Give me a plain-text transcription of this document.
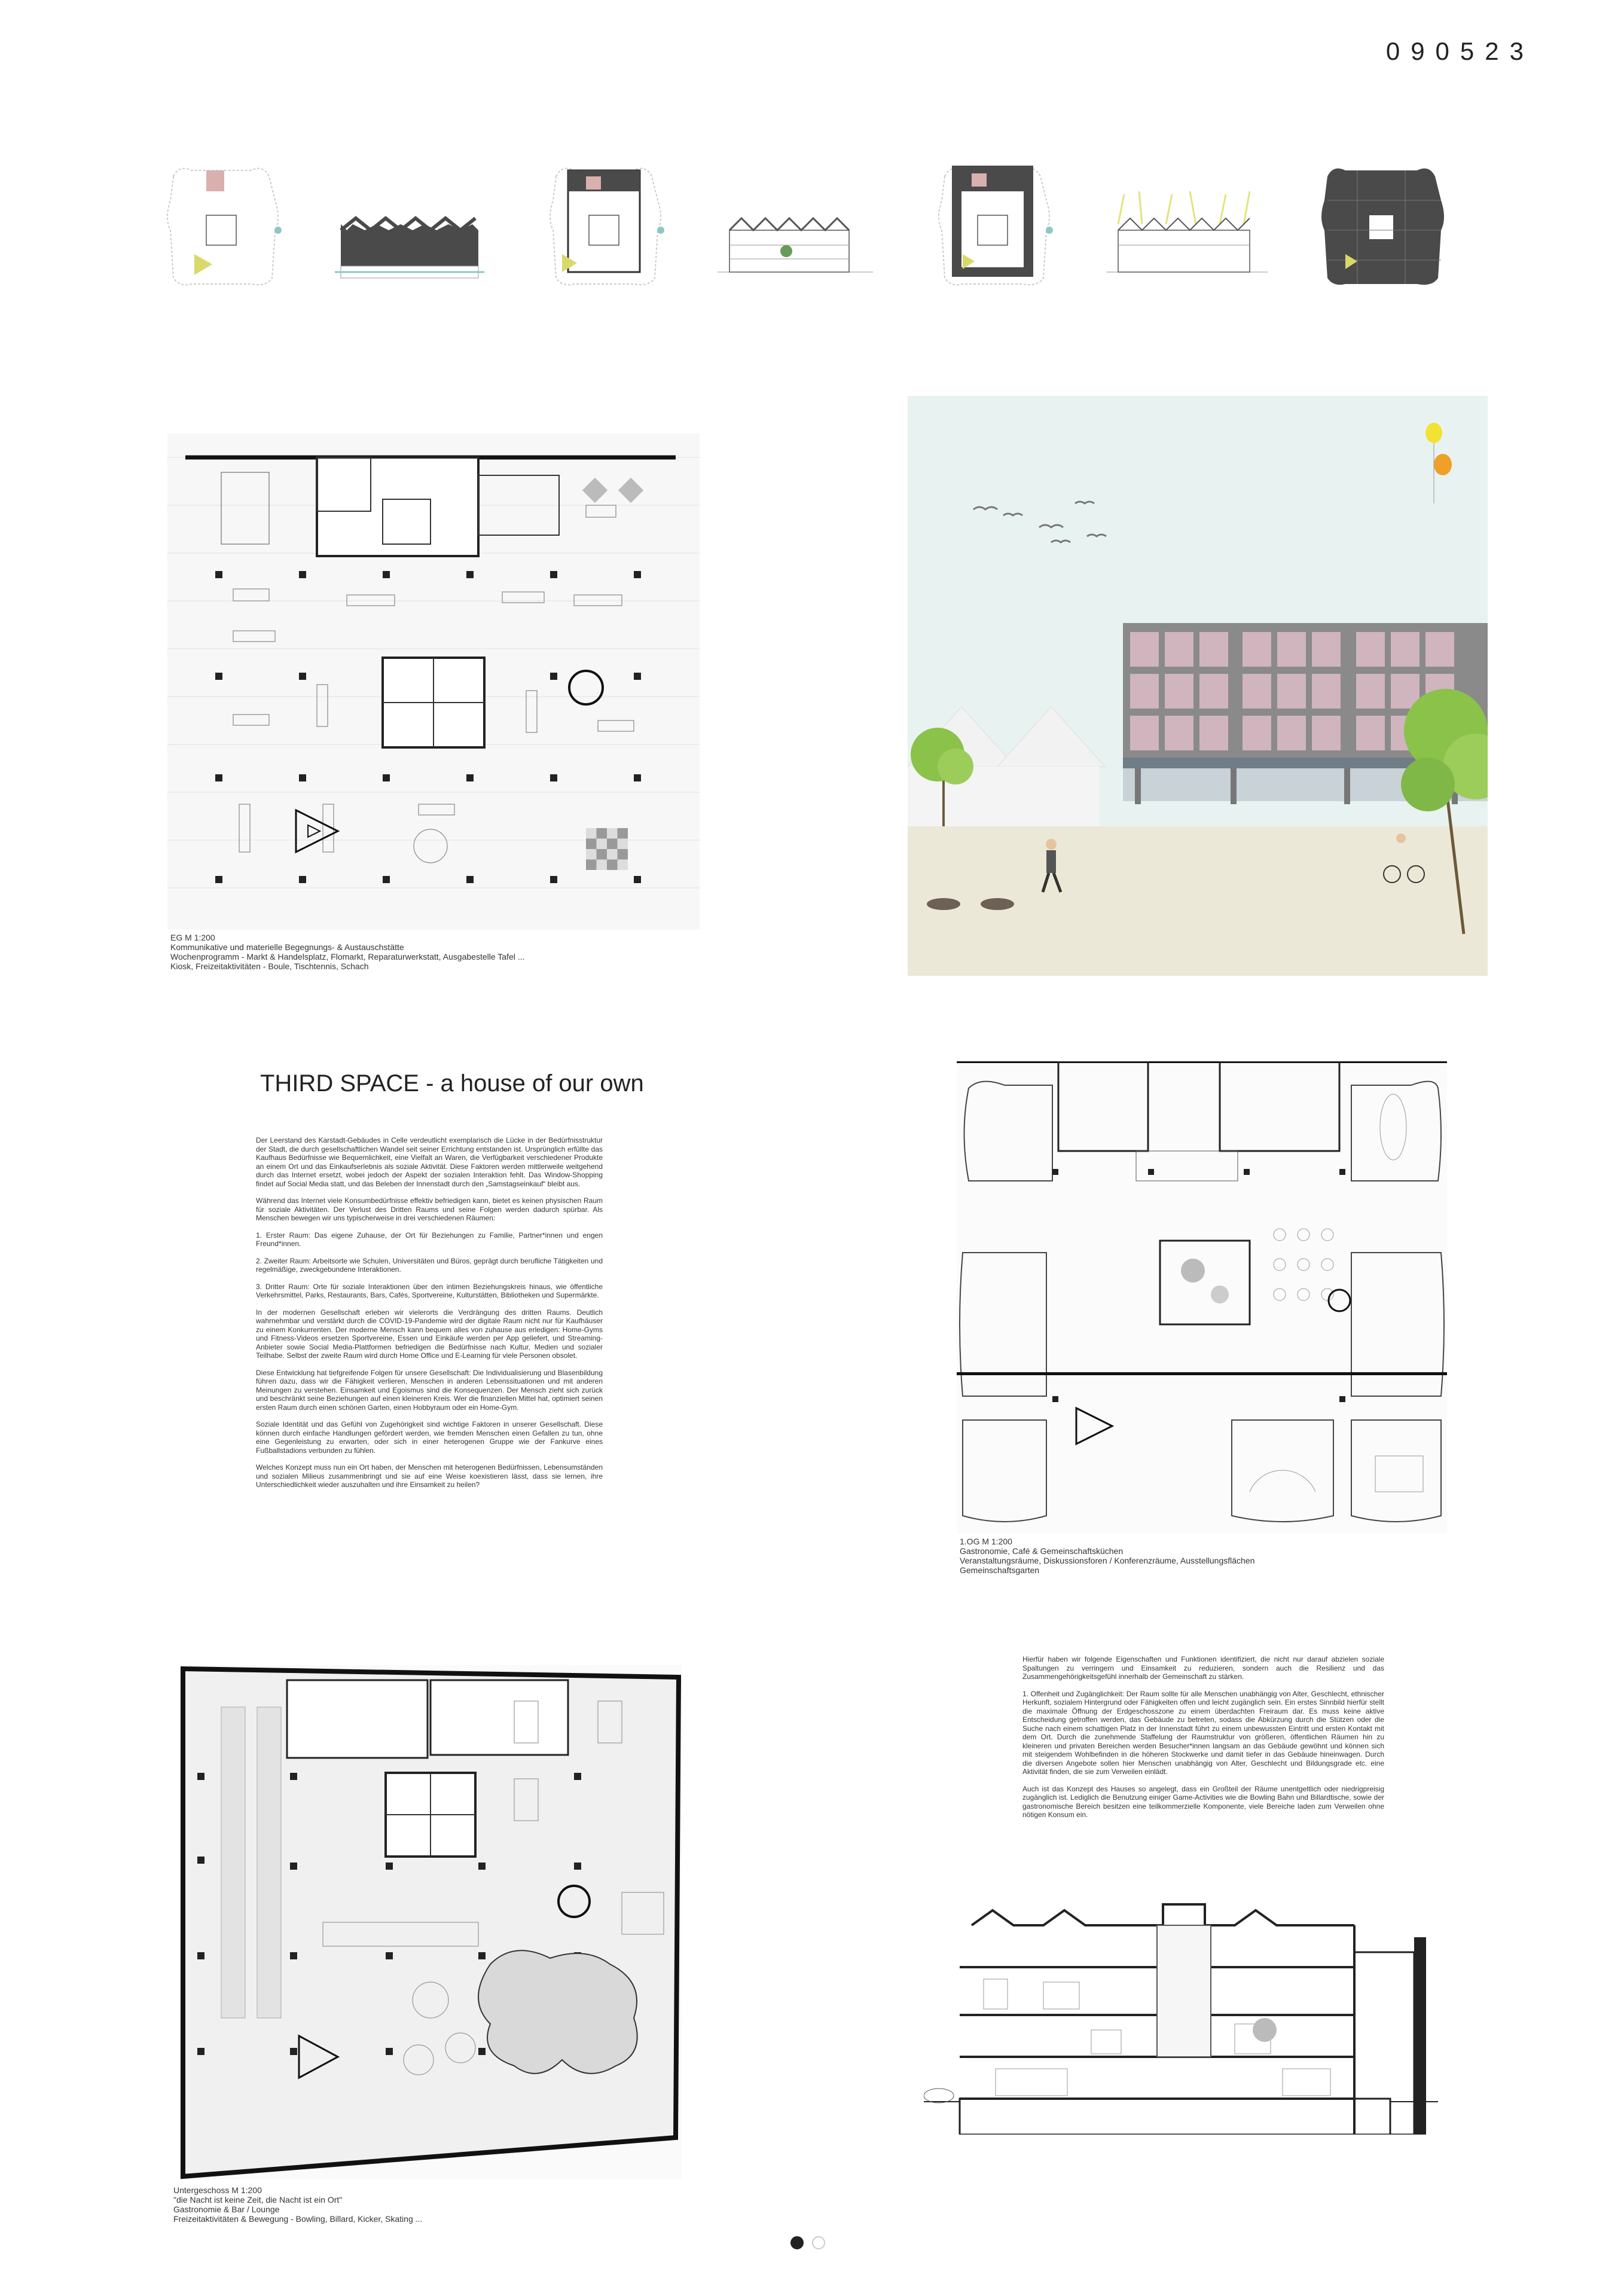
090523
EG M 1:200
Kommunikative und materielle Begegnungs- & Austauschstätte
Wochenprogramm - Markt & Handelsplatz, Flomarkt, Reparaturwerkstatt, Ausgabestelle Tafel ...
Kiosk, Freizeitaktivitäten - Boule, Tischtennis, Schach
THIRD SPACE - a house of our own

Der Leerstand des Karstadt-Gebäudes in Celle verdeutlicht exemplarisch die Lücke in der Bedürfnisstruktur der Stadt, die durch gesellschaftlichen Wandel seit seiner Errichtung entstanden ist. Ursprünglich erfüllte das Kaufhaus Bedürfnisse wie Bequemlichkeit, eine Vielfalt an Waren, die Verfügbarkeit verschiedener Produkte an einem Ort und das Einkaufserlebnis als soziale Aktivität. Diese Faktoren werden mittlerweile weitgehend durch das Internet ersetzt, wobei jedoch der Aspekt der sozialen Interaktion fehlt. Das Window-Shopping findet auf Social Media statt, und das Beleben der Innenstadt durch den „Samstagseinkauf“ bleibt aus.

Während das Internet viele Konsumbedürfnisse effektiv befriedigen kann, bietet es keinen physischen Raum für soziale Aktivitäten. Der Verlust des Dritten Raums und seine Folgen werden dadurch spürbar. Als Menschen bewegen wir uns typischerweise in drei verschiedenen Räumen:

1. Erster Raum: Das eigene Zuhause, der Ort für Beziehungen zu Familie, Partner*innen und engen Freund*innen.

2. Zweiter Raum: Arbeitsorte wie Schulen, Universitäten und Büros, geprägt durch berufliche Tätigkeiten und regelmäßige, zweckgebundene Interaktionen.

3. Dritter Raum: Orte für soziale Interaktionen über den intimen Beziehungskreis hinaus, wie öffentliche Verkehrsmittel, Parks, Restaurants, Bars, Cafés, Sportvereine, Kulturstätten, Bibliotheken und Supermärkte.

In der modernen Gesellschaft erleben wir vielerorts die Verdrängung des dritten Raums. Deutlich wahrnehmbar und verstärkt durch die COVID-19-Pandemie wird der digitale Raum nicht nur für Kaufhäuser zu einem Konkurrenten. Der moderne Mensch kann bequem alles von zuhause aus erledigen: Home-Gyms und Fitness-Videos ersetzen Sportvereine, Essen und Einkäufe werden per App geliefert, und Streaming-Anbieter sowie Social Media-Plattformen befriedigen die Bedürfnisse nach Kultur, Medien und sozialer Teilhabe. Selbst der zweite Raum wird durch Home Office und E-Learning für viele Personen obsolet.

Diese Entwicklung hat tiefgreifende Folgen für unsere Gesellschaft: Die Individualisierung und Blasenbildung führen dazu, dass wir die Fähigkeit verlieren, Menschen in anderen Lebenssituationen und mit anderen Meinungen zu verstehen. Einsamkeit und Egoismus sind die Konsequenzen. Der Mensch zieht sich zurück und beschränkt seine Beziehungen auf einen kleineren Kreis. Wer die finanziellen Mittel hat, optimiert seinen ersten Raum durch einen schönen Garten, einen Hobbyraum oder ein Home-Gym.

Soziale Identität und das Gefühl von Zugehörigkeit sind wichtige Faktoren in unserer Gesellschaft. Diese können durch einfache Handlungen gefördert werden, wie fremden Menschen einen Gefallen zu tun, ohne eine Gegenleistung zu erwarten, oder sich in einer heterogenen Gruppe wie der Fankurve eines Fußballstadions verbunden zu fühlen.

Welches Konzept muss nun ein Ort haben, der Menschen mit heterogenen Bedürfnissen, Lebensumständen und sozialen Milieus zusammenbringt und sie auf eine Weise koexistieren lässt, dass sie lernen, ihre Unterschiedlichkeit wieder auszuhalten und ihre Einsamkeit zu heilen?

1.OG M 1:200
Gastronomie, Café & Gemeinschaftsküchen
Veranstaltungsräume, Diskussionsforen / Konferenzräume, Ausstellungsflächen
Gemeinschaftsgarten
Untergeschoss M 1:200
"die Nacht ist keine Zeit, die Nacht ist ein Ort"
Gastronomie & Bar / Lounge
Freizeitaktivitäten & Bewegung - Bowling, Billard, Kicker, Skating ...

Hierfür haben wir folgende Eigenschaften und Funktionen identifiziert, die nicht nur darauf abzielen soziale Spaltungen zu verringern und Einsamkeit zu reduzieren, sondern auch die Resilienz und das Zusammengehörigkeitsgefühl innerhalb der Gemeinschaft zu stärken.

1. Offenheit und Zugänglichkeit: Der Raum sollte für alle Menschen unabhängig von Alter, Geschlecht, ethnischer Herkunft, sozialem Hintergrund oder Fähigkeiten offen und leicht zugänglich sein. Ein erstes Sinnbild hierfür stellt die maximale Öffnung der Erdgeschosszone zu einem überdachten Freiraum dar. Es muss keine aktive Entscheidung getroffen werden, das Gebäude zu betreten, sodass die Abkürzung durch die Stützen oder die Suche nach einem schattigen Platz in der Innenstadt führt zu einem unbewussten Eintritt und ersten Kontakt mit dem Ort. Durch die zunehmende Staffelung der Raumstruktur von größeren, öffentlichen Räumen hin zu kleineren und privaten Bereichen werden Besucher*innen langsam an das Gebäude gewöhnt und können sich mit steigendem Wohlbefinden in die höheren Stockwerke und damit tiefer in das Gebäude hineinwagen. Durch die diversen Angebote sollen hier Menschen unabhängig von Alter, Geschlecht und Bildungsgrade etc. eine Aktivität finden, die sie zum Verweilen einlädt.

Auch ist das Konzept des Hauses so angelegt, dass ein Großteil der Räume unentgeltlich oder niedrigpreisig zugänglich ist. Lediglich die Benutzung einiger Game-Activities wie die Bowling Bahn und Billardtische, sowie der gastronomische Bereich besitzen eine teilkommerzielle Komponente, viele Bereiche laden zum Verweilen ohne nötigen Konsum ein.
